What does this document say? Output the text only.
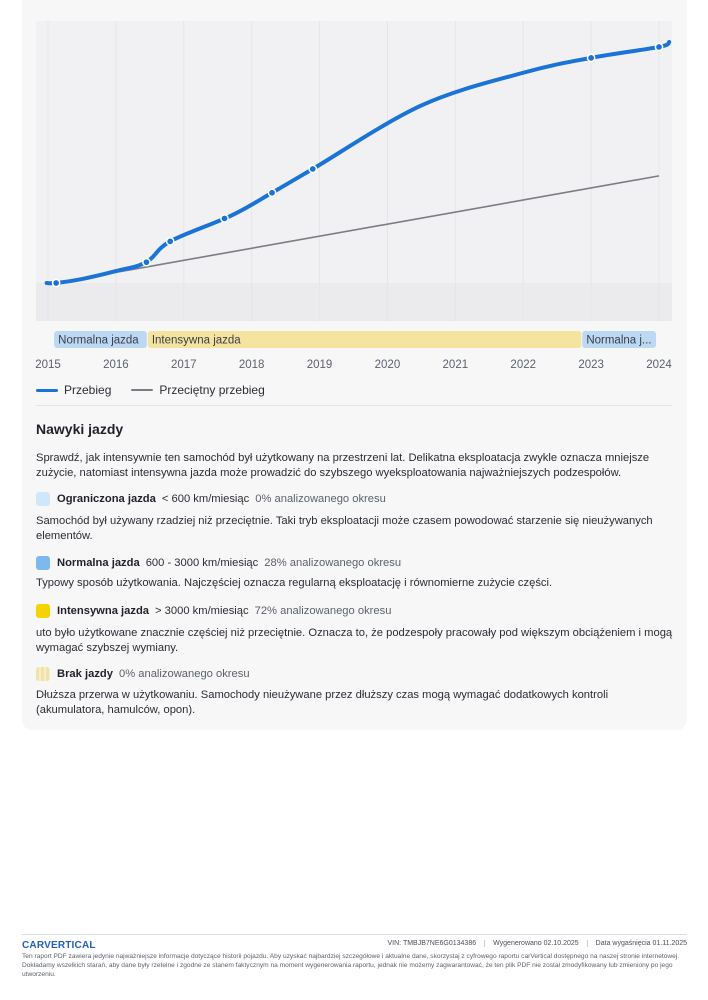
Normalna jazda Intensywna jazda	Normalna j...
2015	2016	2017	2018	2019	2020	2021	2022	2023	2024
Przebieg	Przeciętny przebieg
Nawyki jazdy

Sprawdź, jak intensywnie ten samochód był użytkowany na przestrzeni lat. Delikatna eksploatacja zwykle oznacza mniejsze zużycie, natomiast intensywna jazda może prowadzić do szybszego wyeksploatowania najważniejszych podzespołów.

Ograniczona jazda < 600 km/miesiąc 0% analizowanego okresu

Samochód był używany rzadziej niż przeciętnie. Taki tryb eksploatacji może czasem powodować starzenie się nieużywanych elementów.

Normalna jazda 600 - 3000 km/miesiąc 28% analizowanego okresu

Typowy sposób użytkowania. Najczęściej oznacza regularną eksploatację i równomierne zużycie części.

Intensywna jazda > 3000 km/miesiąc 72% analizowanego okresu

uto było użytkowane znacznie częściej niż przeciętnie. Oznacza to, że podzespoły pracowały pod większym obciążeniem i mogą wymagać szybszej wymiany.

Brak jazdy 0% analizowanego okresu

Dłuższa przerwa w użytkowaniu. Samochody nieużywane przez dłuższy czas mogą wymagać dodatkowych kontroli (akumulatora, hamulców, opon).

CARVERTICAL	VIN: TMBJB7NE6G0134386	Wygenerowano 02.10.2025	Data wygaśnięcia 01.11.2025

Ten raport PDF zawiera jedynie najważniejsze informacje dotyczące historii pojazdu. Aby uzyskać najbardziej szczegółowe i aktualne dane, skorzystaj z cyfrowego raportu carVertical dostępnego na naszej stronie internetowej. Dokładamy wszelkich starań, aby dane były rzetelne i zgodne ze stanem faktycznym na moment wygenerowania raportu, jednak nie możemy zagwarantować, że ten plik PDF nie został zmodyfikowany lub zmieniony po jego utworzeniu.
